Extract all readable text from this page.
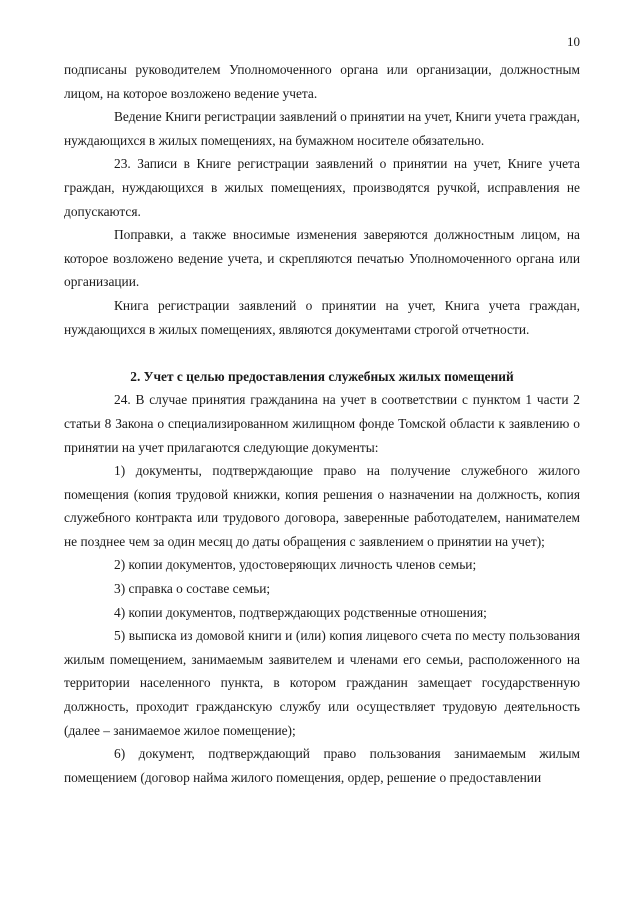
10

подписаны руководителем Уполномоченного органа или организации, должностным лицом, на которое возложено ведение учета.

Ведение Книги регистрации заявлений о принятии на учет, Книги учета граждан, нуждающихся в жилых помещениях, на бумажном носителе обязательно.

23. Записи в Книге регистрации заявлений о принятии на учет, Книге учета граждан, нуждающихся в жилых помещениях, производятся ручкой, исправления не допускаются.

Поправки, а также вносимые изменения заверяются должностным лицом, на которое возложено ведение учета, и скрепляются печатью Уполномоченного органа или организации.

Книга регистрации заявлений о принятии на учет, Книга учета граждан, нуждающихся в жилых помещениях, являются документами строгой отчетности.

2. Учет с целью предоставления служебных жилых помещений

24. В случае принятия гражданина на учет в соответствии с пунктом 1 части 2 статьи 8 Закона о специализированном жилищном фонде Томской области к заявлению о принятии на учет прилагаются следующие документы:

1) документы, подтверждающие право на получение служебного жилого помещения (копия трудовой книжки, копия решения о назначении на должность, копия служебного контракта или трудового договора, заверенные работодателем, нанимателем не позднее чем за один месяц до даты обращения с заявлением о принятии на учет);

2) копии документов, удостоверяющих личность членов семьи;

3) справка о составе семьи;

4) копии документов, подтверждающих родственные отношения;

5) выписка из домовой книги и (или) копия лицевого счета по месту пользования жилым помещением, занимаемым заявителем и членами его семьи, расположенного на территории населенного пункта, в котором гражданин замещает государственную должность, проходит гражданскую службу или осуществляет трудовую деятельность (далее – занимаемое жилое помещение);

6) документ, подтверждающий право пользования занимаемым жилым помещением (договор найма жилого помещения, ордер, решение о предоставлении
